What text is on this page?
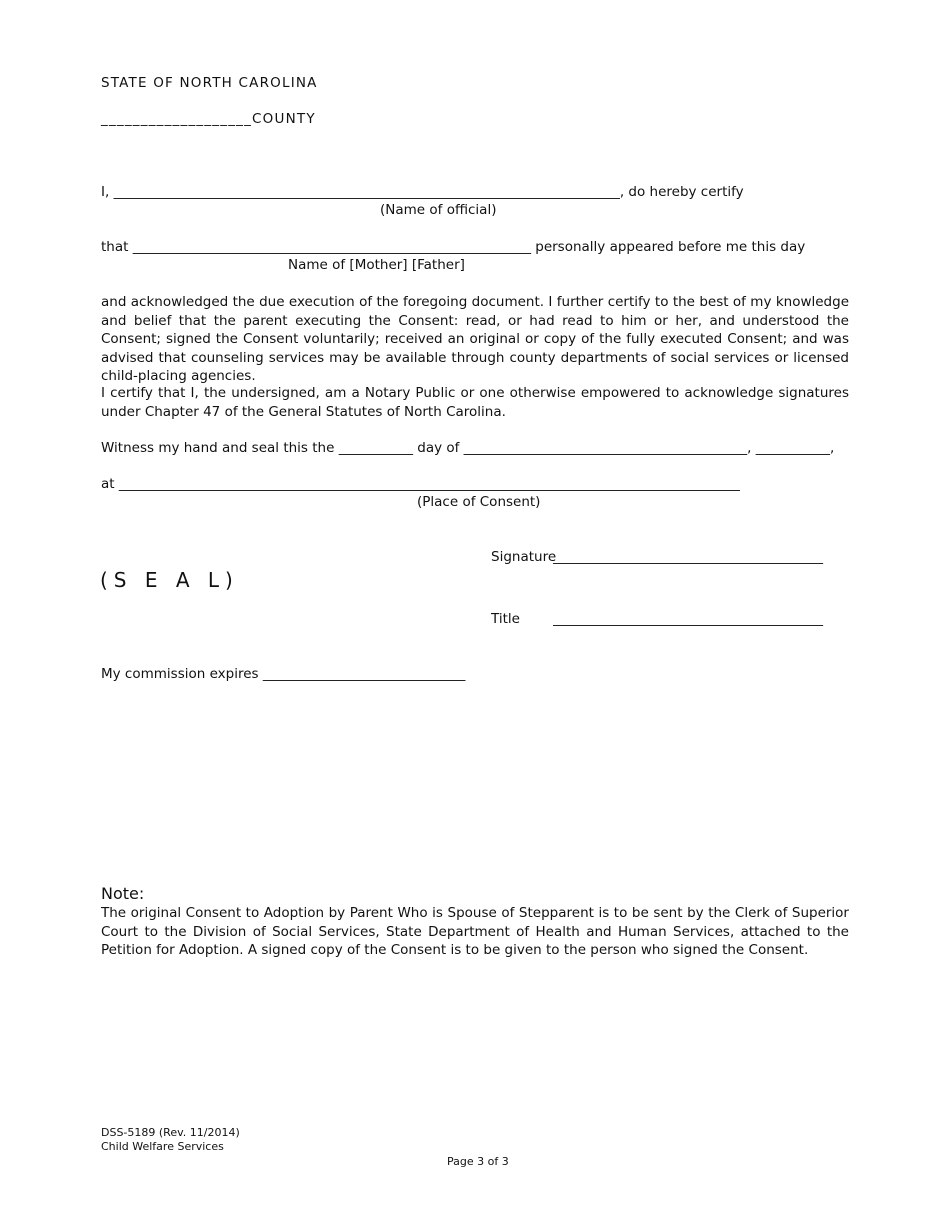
STATE OF NORTH CAROLINA
___________________COUNTY
I, ___________________________________________________________________________, do hereby certify
(Name of official)
that ___________________________________________________________ personally appeared before me this day
Name of [Mother] [Father]
and acknowledged the due execution of the foregoing document. I further certify to the best of my knowledge and belief that the parent executing the Consent: read, or had read to him or her, and understood the Consent; signed the Consent voluntarily; received an original or copy of the fully executed Consent; and was advised that counseling services may be available through county departments of social services or licensed child-placing agencies.
I certify that I, the undersigned, am a Notary Public or one otherwise empowered to acknowledge signatures under Chapter 47 of the General Statutes of North Carolina.
Witness my hand and seal this the ___________ day of __________________________________________, ___________,
at ____________________________________________________________________________________________
(Place of Consent)
Signature
________________________________________
(S E A L)
Title ________________________________________
My commission expires ______________________________
Note:
The original Consent to Adoption by Parent Who is Spouse of Stepparent is to be sent by the Clerk of Superior Court to the Division of Social Services, State Department of Health and Human Services, attached to the Petition for Adoption. A signed copy of the Consent is to be given to the person who signed the Consent.
DSS-5189 (Rev. 11/2014)
Child Welfare Services
Page 3 of 3
